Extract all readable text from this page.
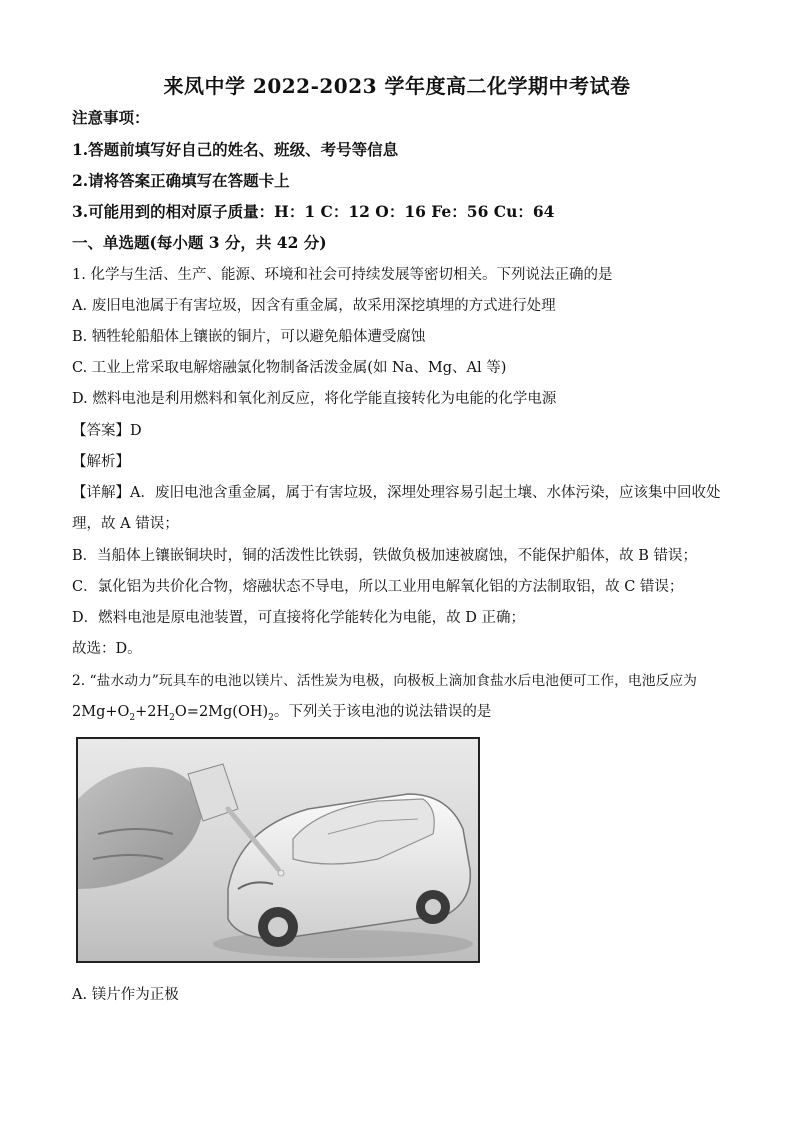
来凤中学 2022-2023 学年度高二化学期中考试卷
注意事项：
1.答题前填写好自己的姓名、班级、考号等信息
2.请将答案正确填写在答题卡上
3.可能用到的相对原子质量：H：1 C：12 O：16 Fe：56 Cu：64
一、单选题(每小题 3 分，共 42 分)
1. 化学与生活、生产、能源、环境和社会可持续发展等密切相关。下列说法正确的是
A. 废旧电池属于有害垃圾，因含有重金属，故采用深挖填埋的方式进行处理
B. 牺牲轮船船体上镶嵌的铜片，可以避免船体遭受腐蚀
C. 工业上常采取电解熔融氯化物制备活泼金属(如 Na、Mg、Al 等)
D. 燃料电池是利用燃料和氧化剂反应，将化学能直接转化为电能的化学电源
【答案】D
【解析】
【详解】A．废旧电池含重金属，属于有害垃圾，深埋处理容易引起土壤、水体污染，应该集中回收处
理，故 A 错误；
B．当船体上镶嵌铜块时，铜的活泼性比铁弱，铁做负极加速被腐蚀，不能保护船体，故 B 错误；
C．氯化铝为共价化合物，熔融状态不导电，所以工业用电解氧化铝的方法制取铝，故 C 错误；
D．燃料电池是原电池装置，可直接将化学能转化为电能，故 D 正确；
故选：D。
2. “盐水动力”玩具车的电池以镁片、活性炭为电极，向极板上滴加食盐水后电池便可工作，电池反应为
$2Mg+O_2+2H_2O=2Mg(OH)_2$。下列关于该电池的说法错误的是
A. 镁片作为正极
